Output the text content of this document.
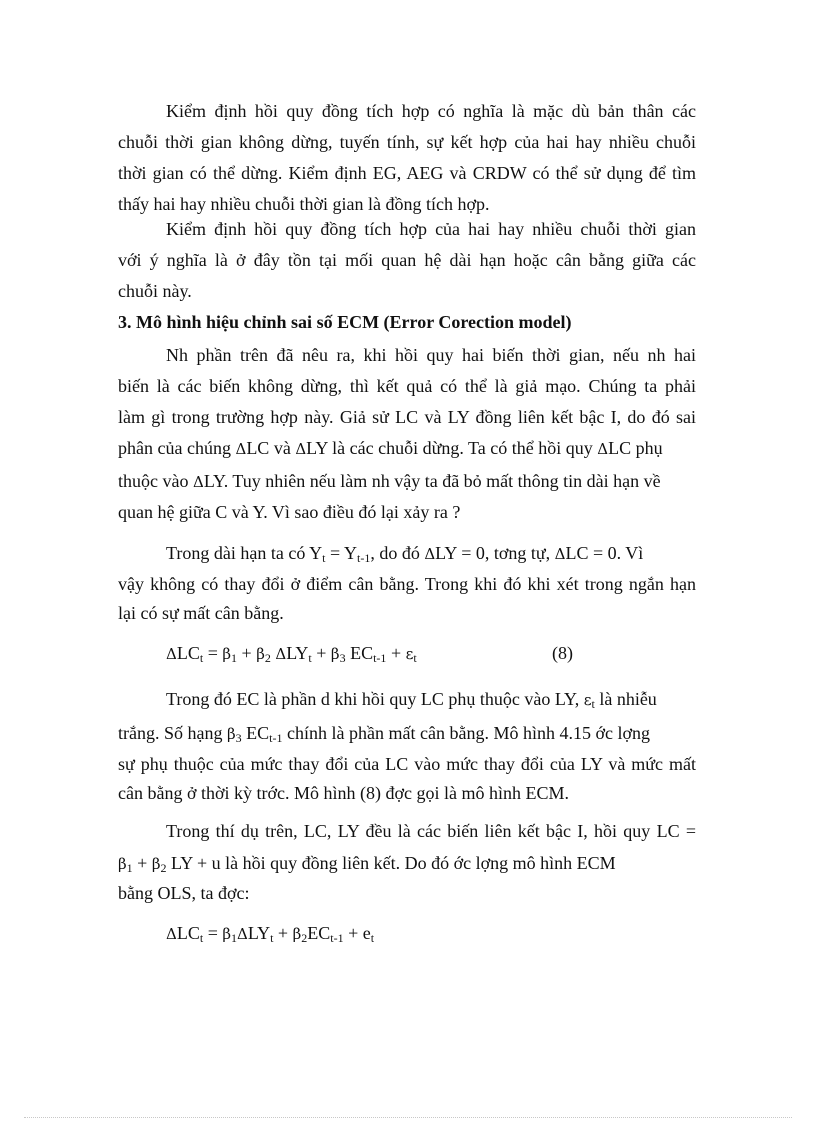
Kiểm định hồi quy đồng tích hợp có nghĩa là mặc dù bản thân các

chuỗi thời gian không dừng, tuyến tính, sự kết hợp của hai hay nhiều chuỗi

thời gian có thể dừng. Kiểm định EG, AEG và CRDW có thể sử dụng để tìm

thấy hai hay nhiều chuỗi thời gian là đồng tích hợp.

Kiểm định hồi quy đồng tích hợp của hai hay nhiều chuỗi thời gian

với ý nghĩa là ở đây tồn tại mối quan hệ dài hạn hoặc cân bằng giữa các

chuỗi này.

3. Mô hình hiệu chỉnh sai số ECM (Error Corection model)

Nh phần trên đã nêu ra, khi hồi quy hai biến thời gian, nếu nh hai

biến là các biến không dừng, thì kết quả có thể là giả mạo. Chúng ta phải

làm gì trong trường hợp này. Giả sử LC và LY đồng liên kết bậc I, do đó sai

phân của chúng ΔLC và ΔLY là các chuỗi dừng. Ta có thể hồi quy ΔLC phụ

thuộc vào ΔLY. Tuy nhiên nếu làm nh vậy ta đã bỏ mất thông tin dài hạn về

quan hệ giữa C và Y. Vì sao điều đó lại xảy ra ?

Trong dài hạn ta có $Y_t = Y_{t-1}$, do đó ΔLY = 0, tơng tự, ΔLC = 0. Vì

vậy không có thay đổi ở điểm cân bằng. Trong khi đó khi xét trong ngắn hạn

lại có sự mất cân bằng.

$\Delta LC_t = \beta_1 + \beta_2$ $\Delta LY_t + \beta_3$ $EC_{t-1} + \varepsilon_t$	(8)

Trong đó EC là phần d khi hồi quy LC phụ thuộc vào LY, $\varepsilon_t$ là nhiễu

trắng. Số hạng $\beta_3$ $EC_{t-1}$ chính là phần mất cân bằng. Mô hình 4.15 ớc lợng

sự phụ thuộc của mức thay đổi của LC vào mức thay đổi của LY và mức mất

cân bằng ở thời kỳ trớc. Mô hình (8) đợc gọi là mô hình ECM.

Trong thí dụ trên, LC, LY đều là các biến liên kết bậc I, hồi quy LC =

$\beta_1 + \beta_2$ LY + u là hồi quy đồng liên kết. Do đó ớc lợng mô hình ECM

bằng OLS, ta đợc:

$\Delta LC_t = \beta_1\Delta LY_t + \beta_2EC_{t-1} + e_t$
